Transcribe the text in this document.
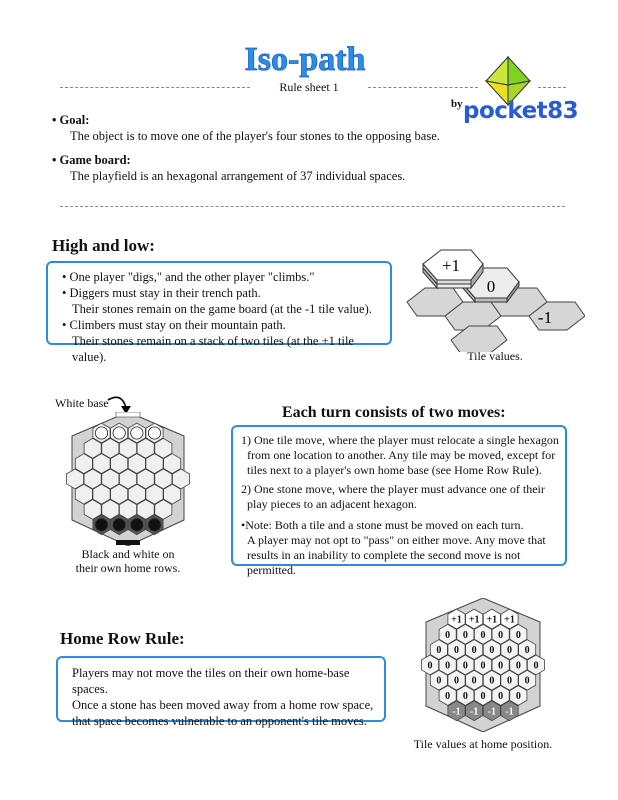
Iso-path
Rule sheet 1
by pocket83
• Goal:
The object is to move one of the player's four stones to the opposing base.
• Game board:
The playfield is an hexagonal arrangement of 37 individual spaces.
High and low:
• One player "digs," and the other player "climbs."
• Diggers must stay in their trench path.
Their stones remain on the game board (at the -1 tile value).
• Climbers must stay on their mountain path.
Their stones remain on a stack of two tiles (at the +1 tile value).
+1
0
-1
Tile values.
White base
Black and white on
their own home rows.
Each turn consists of two moves:
1) One tile move, where the player must relocate a single hexagon
from one location to another. Any tile may be moved, except for
tiles next to a player's own home base (see Home Row Rule).
2) One stone move, where the player must advance one of their
play pieces to an adjacent hexagon.
•Note: Both a tile and a stone must be moved on each turn.
A player may not opt to "pass" on either move. Any move that
results in an inability to complete the second move is not permitted.
Home Row Rule:
Players may not move the tiles on their own home-base spaces.
Once a stone has been moved away from a home row space,
that space becomes vulnerable to an opponent's tile moves.
+1 +1 +1 +1
0 0 0 0 0
0 0 0 0 0 0
0 0 0 0 0 0 0
0 0 0 0 0 0
0 0 0 0 0
-1 -1 -1 -1
Tile values at home position.
